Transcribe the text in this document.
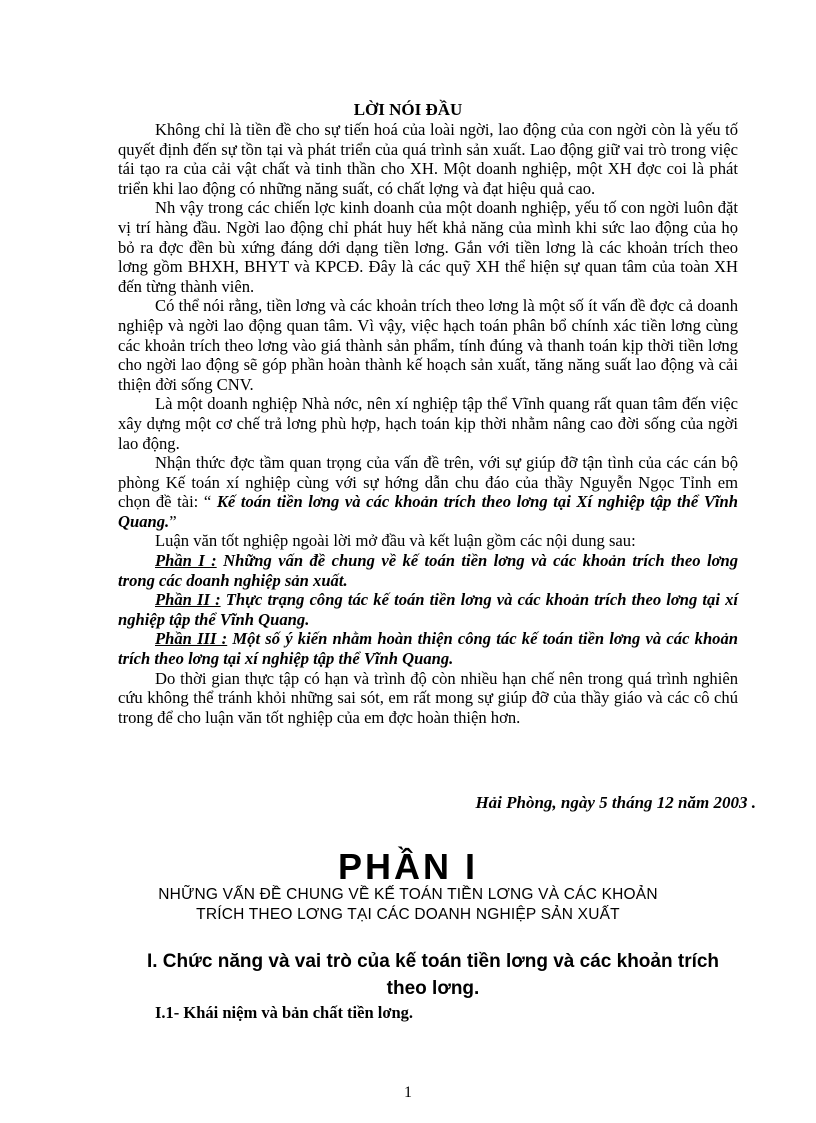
LỜI NÓI ĐẦU

Không chỉ là tiền đề cho sự tiến hoá của loài ngời, lao động của con ngời còn là yếu tố quyết định đến sự tồn tại và phát triển của quá trình sản xuất. Lao động giữ vai trò trong việc tái tạo ra của cải vật chất và tinh thần cho XH. Một doanh nghiệp, một XH đợc coi là phát triển khi lao động có những năng suất, có chất lợng và đạt hiệu quả cao.

Nh vậy trong các chiến lợc kinh doanh của một doanh nghiệp, yếu tố con ngời luôn đặt vị trí hàng đầu. Ngời lao động chỉ phát huy hết khả năng của mình khi sức lao động của họ bỏ ra đợc đền bù xứng đáng dới dạng tiền lơng. Gắn với tiền lơng là các khoản trích theo lơng gồm BHXH, BHYT và KPCĐ. Đây là các quỹ XH thể hiện sự quan tâm của toàn XH đến từng thành viên.

Có thể nói rằng, tiền lơng và các khoản trích theo lơng là một số ít vấn đề đợc cả doanh nghiệp và ngời lao động quan tâm. Vì vậy, việc hạch toán phân bổ chính xác tiền lơng cùng các khoản trích theo lơng vào giá thành sản phẩm, tính đúng và thanh toán kịp thời tiền lơng cho ngời lao động sẽ góp phần hoàn thành kế hoạch sản xuất, tăng năng suất lao động và cải thiện đời sống CNV.

Là một doanh nghiệp Nhà nớc, nên xí nghiệp tập thể Vĩnh quang rất quan tâm đến việc xây dựng một cơ chế trả lơng phù hợp, hạch toán kịp thời nhằm nâng cao đời sống của ngời lao động.

Nhận thức đợc tầm quan trọng của vấn đề trên, với sự giúp đỡ tận tình của các cán bộ phòng Kế toán xí nghiệp cùng với sự hớng dẫn chu đáo của thầy Nguyễn Ngọc Tỉnh em chọn đề tài: “ Kế toán tiền lơng và các khoản trích theo lơng tại Xí nghiệp tập thể Vĩnh Quang.”

Luận văn tốt nghiệp ngoài lời mở đầu và kết luận gồm các nội dung sau:

Phần I : Những vấn đề chung về kế toán tiền lơng và các khoản trích theo lơng trong các doanh nghiệp sản xuất.

Phần II : Thực trạng công tác kế toán tiền lơng và các khoản trích theo lơng tại xí nghiệp tập thể Vĩnh Quang.

Phần III : Một số ý kiến nhằm hoàn thiện công tác kế toán tiền lơng và các khoản trích theo lơng tại xí nghiệp tập thể Vĩnh Quang.

Do thời gian thực tập có hạn và trình độ còn nhiều hạn chế nên trong quá trình nghiên cứu không thể tránh khỏi những sai sót, em rất mong sự giúp đỡ của thầy giáo và các cô chú trong để cho luận văn tốt nghiệp của em đợc hoàn thiện hơn.

Hải Phòng, ngày 5 tháng 12 năm 2003 .
PHẦN I
NHỮNG VẤN ĐỀ CHUNG VỀ KẾ TOÁN TIỀN LƠNG VÀ CÁC KHOẢN
TRÍCH THEO LƠNG TẠI CÁC DOANH NGHIỆP SẢN XUẤT
I. Chức năng và vai trò của kế toán tiền lơng và các khoản trích theo lơng.
I.1- Khái niệm và bản chất tiền lơng.
1
